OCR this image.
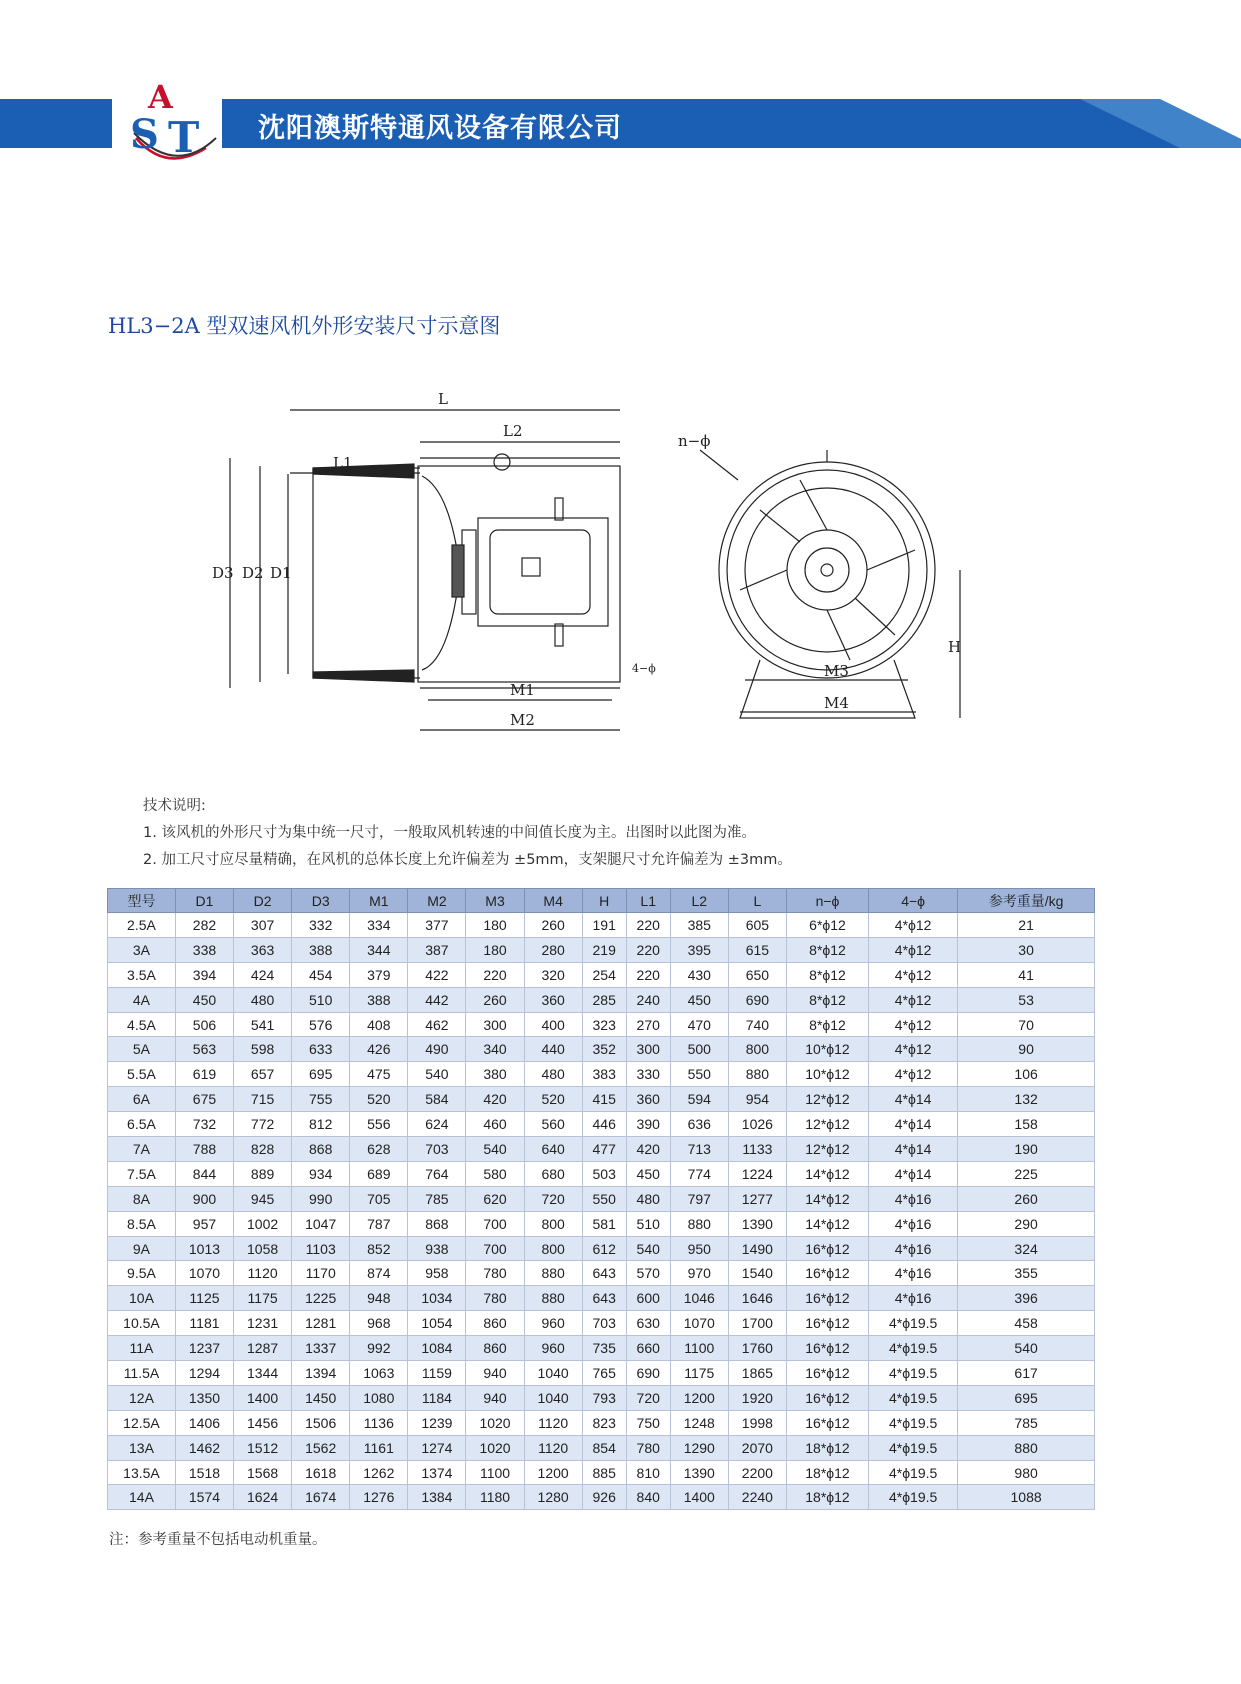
A
S T 沈阳澳斯特通风设备有限公司
HL3−2A 型双速风机外形安装尺寸示意图
L
L2
L1
D3 D2 D1
M1
M2
4−ϕ
n−ϕ
M3
M4
H
技术说明:
1. 该风机的外形尺寸为集中统一尺寸，一般取风机转速的中间值长度为主。出图时以此图为准。
2. 加工尺寸应尽量精确，在风机的总体长度上允许偏差为 ±5mm，支架腿尺寸允许偏差为 ±3mm。
型号	D1	D2	D3	M1	M2	M3	M4	H	L1	L2	L	n−ϕ	4−ϕ	参考重量/kg
2.5A	282	307	332	334	377	180	260	191	220	385	605	6*ϕ12	4*ϕ12	21
3A	338	363	388	344	387	180	280	219	220	395	615	8*ϕ12	4*ϕ12	30
3.5A	394	424	454	379	422	220	320	254	220	430	650	8*ϕ12	4*ϕ12	41
4A	450	480	510	388	442	260	360	285	240	450	690	8*ϕ12	4*ϕ12	53
4.5A	506	541	576	408	462	300	400	323	270	470	740	8*ϕ12	4*ϕ12	70
5A	563	598	633	426	490	340	440	352	300	500	800	10*ϕ12	4*ϕ12	90
5.5A	619	657	695	475	540	380	480	383	330	550	880	10*ϕ12	4*ϕ12	106
6A	675	715	755	520	584	420	520	415	360	594	954	12*ϕ12	4*ϕ14	132
6.5A	732	772	812	556	624	460	560	446	390	636	1026	12*ϕ12	4*ϕ14	158
7A	788	828	868	628	703	540	640	477	420	713	1133	12*ϕ12	4*ϕ14	190
7.5A	844	889	934	689	764	580	680	503	450	774	1224	14*ϕ12	4*ϕ14	225
8A	900	945	990	705	785	620	720	550	480	797	1277	14*ϕ12	4*ϕ16	260
8.5A	957	1002	1047	787	868	700	800	581	510	880	1390	14*ϕ12	4*ϕ16	290
9A	1013	1058	1103	852	938	700	800	612	540	950	1490	16*ϕ12	4*ϕ16	324
9.5A	1070	1120	1170	874	958	780	880	643	570	970	1540	16*ϕ12	4*ϕ16	355
10A	1125	1175	1225	948	1034	780	880	643	600	1046	1646	16*ϕ12	4*ϕ16	396
10.5A	1181	1231	1281	968	1054	860	960	703	630	1070	1700	16*ϕ12	4*ϕ19.5	458
11A	1237	1287	1337	992	1084	860	960	735	660	1100	1760	16*ϕ12	4*ϕ19.5	540
11.5A	1294	1344	1394	1063	1159	940	1040	765	690	1175	1865	16*ϕ12	4*ϕ19.5	617
12A	1350	1400	1450	1080	1184	940	1040	793	720	1200	1920	16*ϕ12	4*ϕ19.5	695
12.5A	1406	1456	1506	1136	1239	1020	1120	823	750	1248	1998	16*ϕ12	4*ϕ19.5	785
13A	1462	1512	1562	1161	1274	1020	1120	854	780	1290	2070	18*ϕ12	4*ϕ19.5	880
13.5A	1518	1568	1618	1262	1374	1100	1200	885	810	1390	2200	18*ϕ12	4*ϕ19.5	980
14A	1574	1624	1674	1276	1384	1180	1280	926	840	1400	2240	18*ϕ12	4*ϕ19.5	1088
注：参考重量不包括电动机重量。
